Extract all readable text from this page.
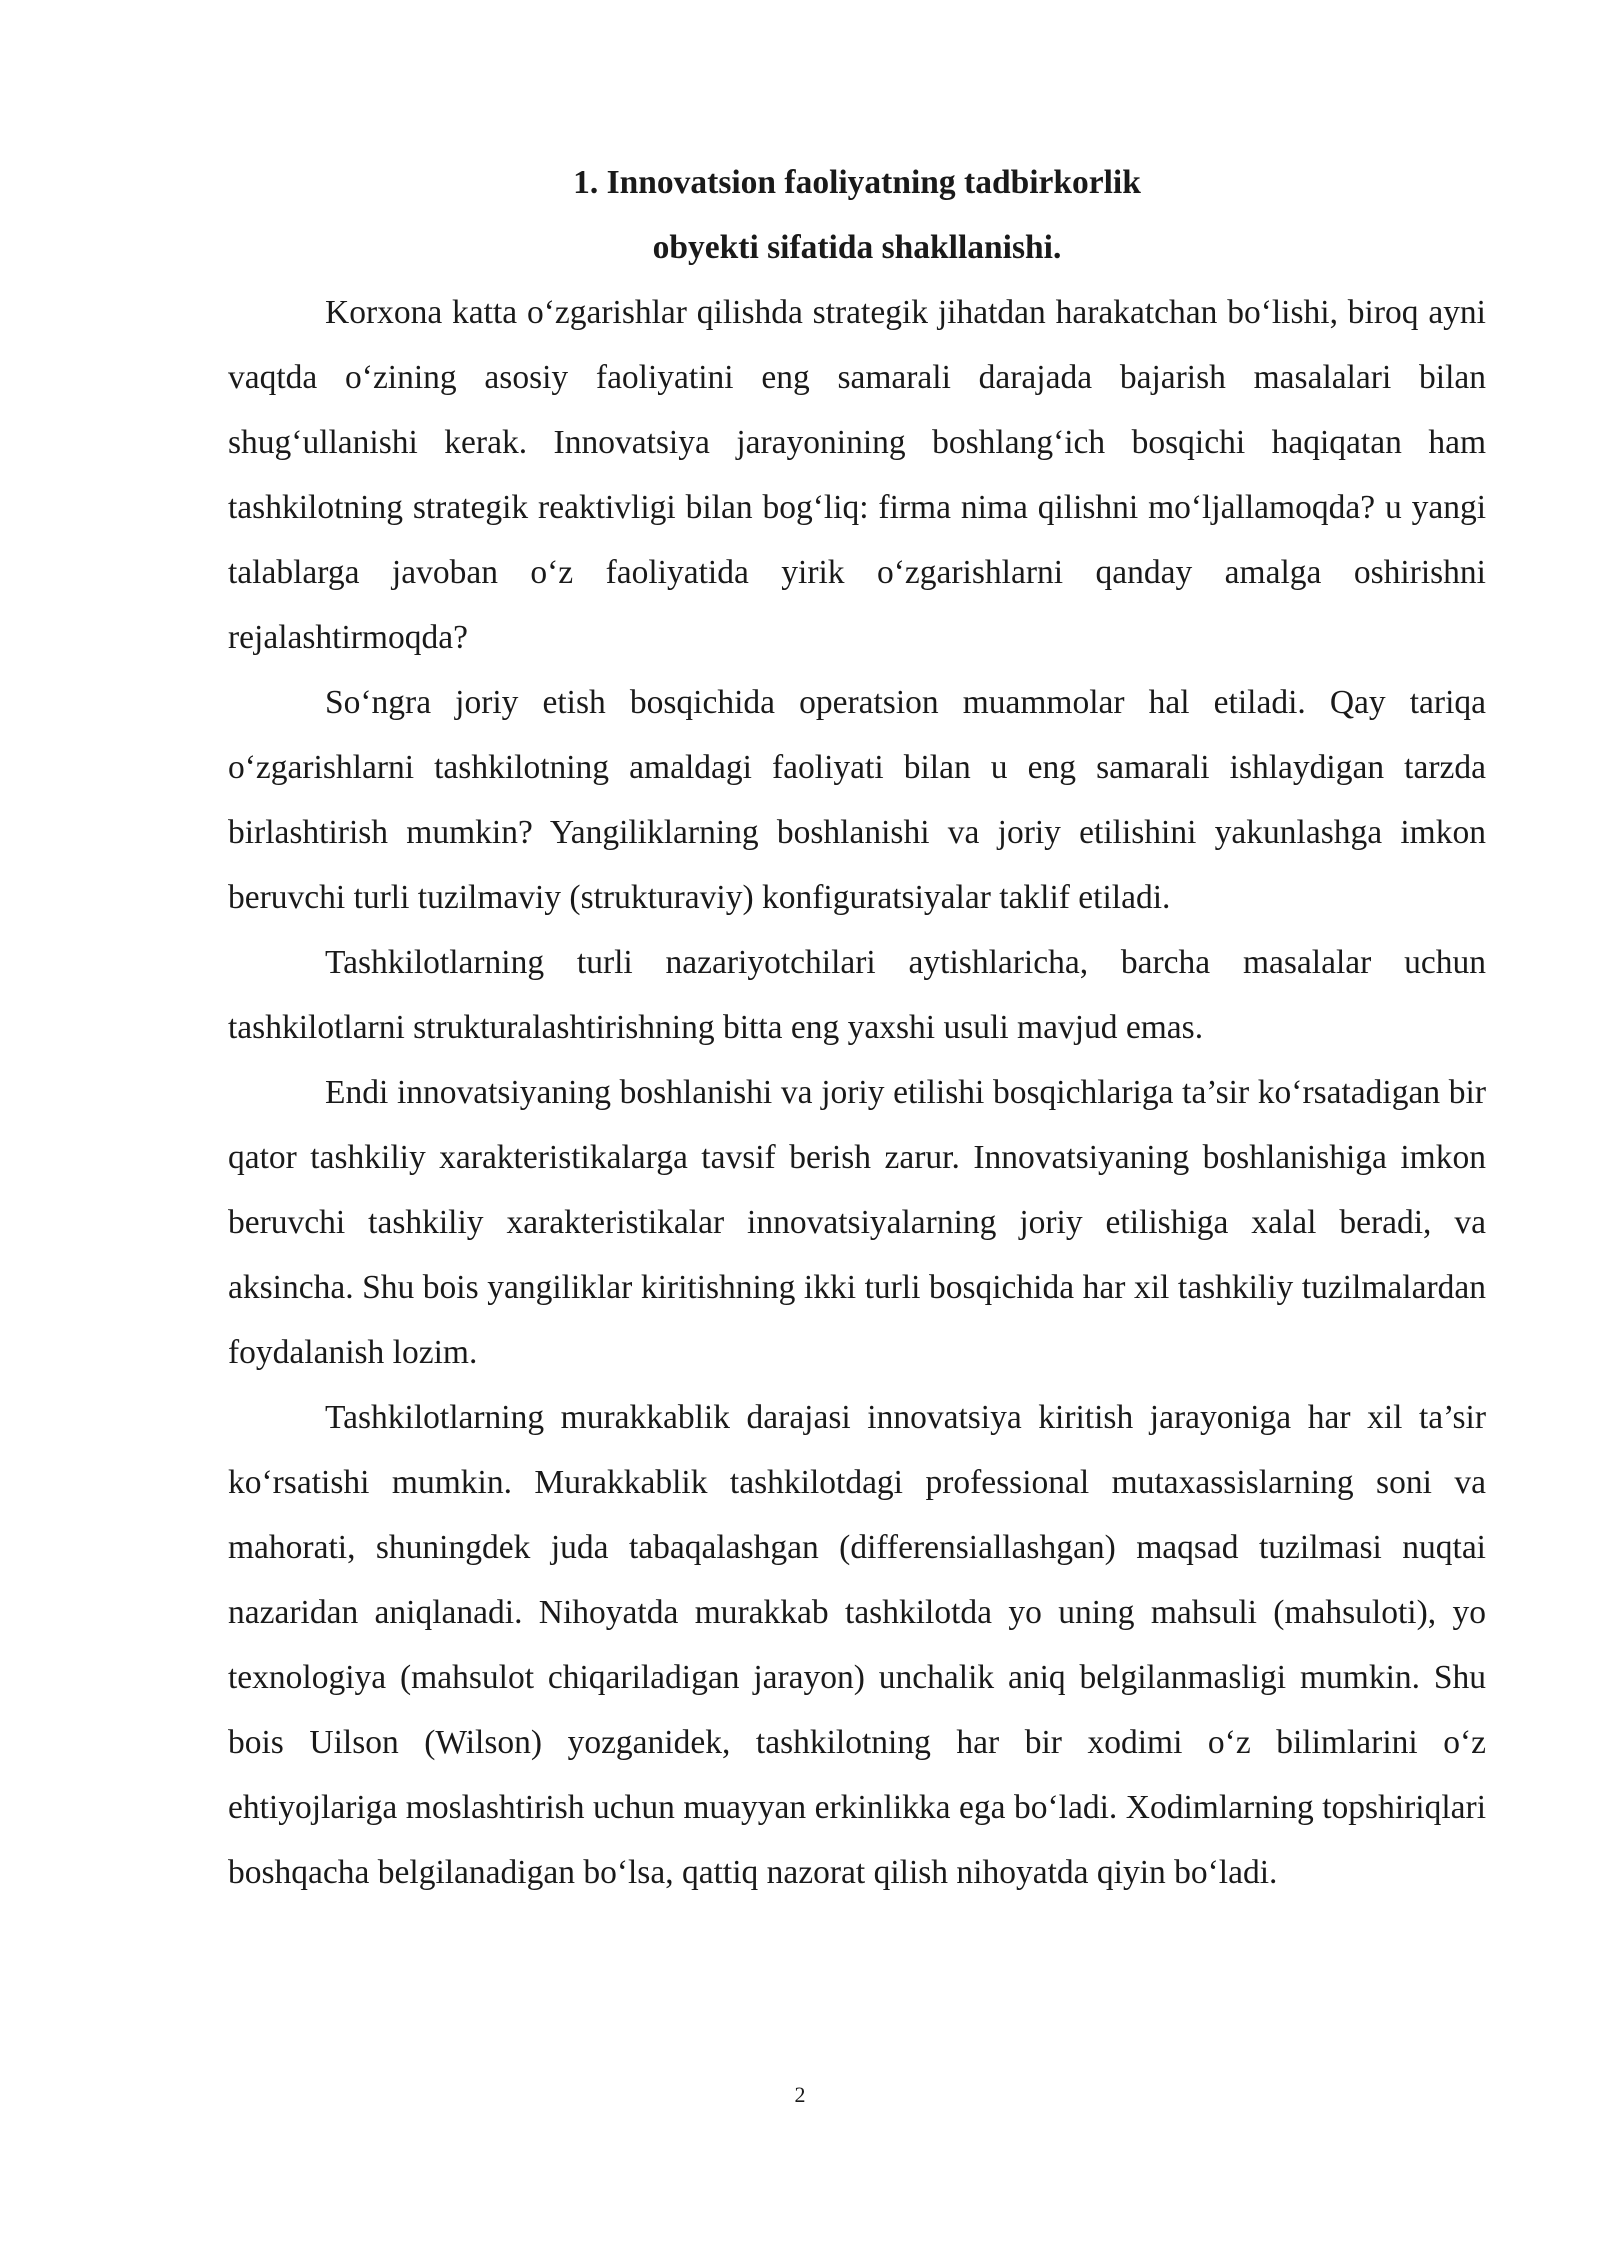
1. Innovatsion faoliyatning tadbirkorlik

obyekti sifatida shakllanishi.

Korxona katta o‘zgarishlar qilishda strategik jihatdan harakatchan bo‘lishi, biroq ayni vaqtda o‘zining asosiy faoliyatini eng samarali darajada bajarish masalalari bilan shug‘ullanishi kerak. Innovatsiya jarayonining boshlang‘ich bosqichi haqiqatan ham tashkilotning strategik reaktivligi bilan bog‘liq: firma nima qilishni mo‘ljallamoqda? u yangi talablarga javoban o‘z faoliyatida yirik o‘zgarishlarni qanday amalga oshirishni rejalashtirmoqda?

So‘ngra joriy etish bosqichida operatsion muammolar hal etiladi. Qay tariqa o‘zgarishlarni tashkilotning amaldagi faoliyati bilan u eng samarali ishlaydigan tarzda birlashtirish mumkin? Yangiliklarning boshlanishi va joriy etilishini yakunlashga imkon beruvchi turli tuzilmaviy (strukturaviy) konfiguratsiyalar taklif etiladi.

Tashkilotlarning turli nazariyotchilari aytishlaricha, barcha masalalar uchun tashkilotlarni strukturalashtirishning bitta eng yaxshi usuli mavjud emas.

Endi innovatsiyaning boshlanishi va joriy etilishi bosqichlariga ta’sir ko‘rsatadigan bir qator tashkiliy xarakteristikalarga tavsif berish zarur. Innovatsiyaning boshlanishiga imkon beruvchi tashkiliy xarakteristikalar innovatsiyalarning joriy etilishiga xalal beradi, va aksincha. Shu bois yangiliklar kiritishning ikki turli bosqichida har xil tashkiliy tuzilmalardan foydalanish lozim.

Tashkilotlarning murakkablik darajasi innovatsiya kiritish jarayoniga har xil ta’sir ko‘rsatishi mumkin. Murakkablik tashkilotdagi professional mutaxassislarning soni va mahorati, shuningdek juda tabaqalashgan (differensiallashgan) maqsad tuzilmasi nuqtai nazaridan aniqlanadi. Nihoyatda murakkab tashkilotda yo uning mahsuli (mahsuloti), yo texnologiya (mahsulot chiqariladigan jarayon) unchalik aniq belgilanmasligi mumkin. Shu bois Uilson (Wilson) yozganidek, tashkilotning har bir xodimi o‘z bilimlarini o‘z ehtiyojlariga moslashtirish uchun muayyan erkinlikka ega bo‘ladi. Xodimlarning topshiriqlari boshqacha belgilanadigan bo‘lsa, qattiq nazorat qilish nihoyatda qiyin bo‘ladi.

2
